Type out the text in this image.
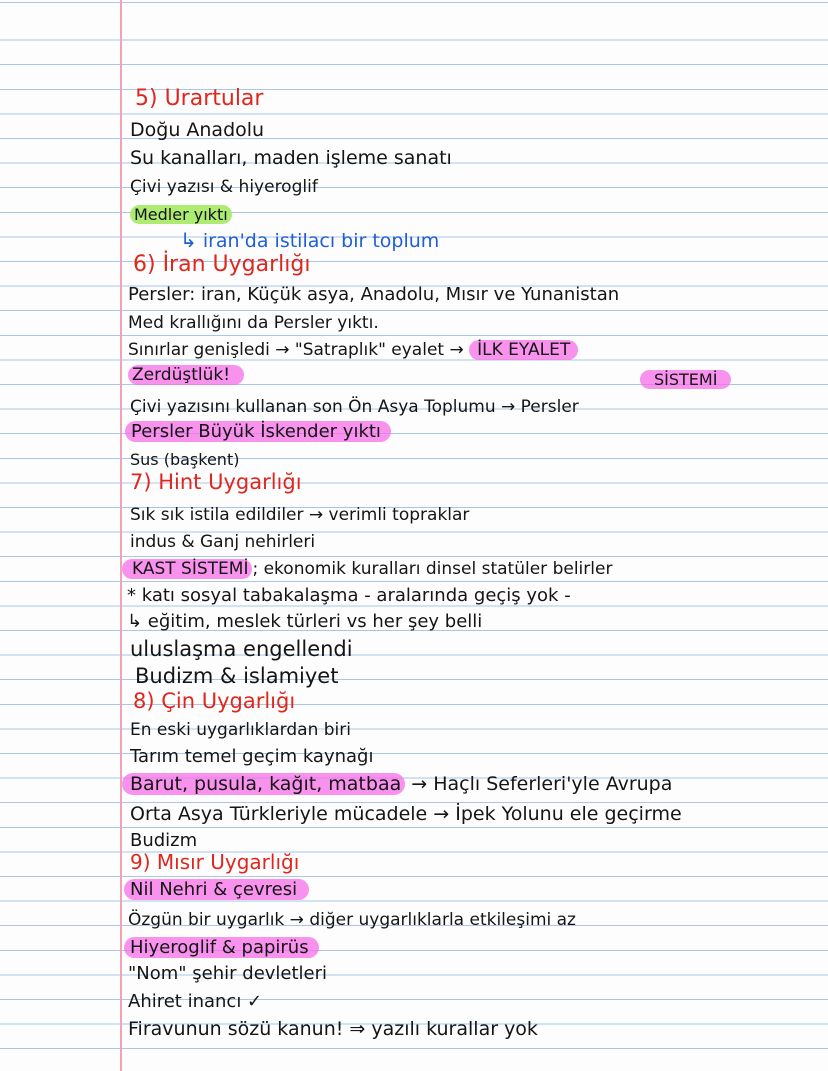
5) Urartular
Doğu Anadolu
Su kanalları, maden işleme sanatı
Çivi yazısı & hiyeroglif
Medler yıktı
↳ iran'da istilacı bir toplum
6) İran Uygarlığı
Persler: iran, Küçük asya, Anadolu, Mısır ve Yunanistan
Med krallığını da Persler yıktı.
Sınırlar genişledi → "Satraplık" eyalet → İLK EYALET
Zerdüştlük!	SİSTEMİ
Çivi yazısını kullanan son Ön Asya Toplumu → Persler
Persler Büyük İskender yıktı
Sus (başkent)
7) Hint Uygarlığı
Sık sık istila edildiler → verimli topraklar
indus & Ganj nehirleri
KAST SİSTEMİ ; ekonomik kuralları dinsel statüler belirler
* katı sosyal tabakalaşma - aralarında geçiş yok -
↳ eğitim, meslek türleri vs her şey belli
uluslaşma engellendi
Budizm & islamiyet
8) Çin Uygarlığı
En eski uygarlıklardan biri
Tarım temel geçim kaynağı
Barut, pusula, kağıt, matbaa → Haçlı Seferleri'yle Avrupa
Orta Asya Türkleriyle mücadele → İpek Yolunu ele geçirme
Budizm
9) Mısır Uygarlığı
Nil Nehri & çevresi
Özgün bir uygarlık → diğer uygarlıklarla etkileşimi az
Hiyeroglif & papirüs
"Nom" şehir devletleri
Ahiret inancı ✓
Firavunun sözü kanun! ⇒ yazılı kurallar yok
